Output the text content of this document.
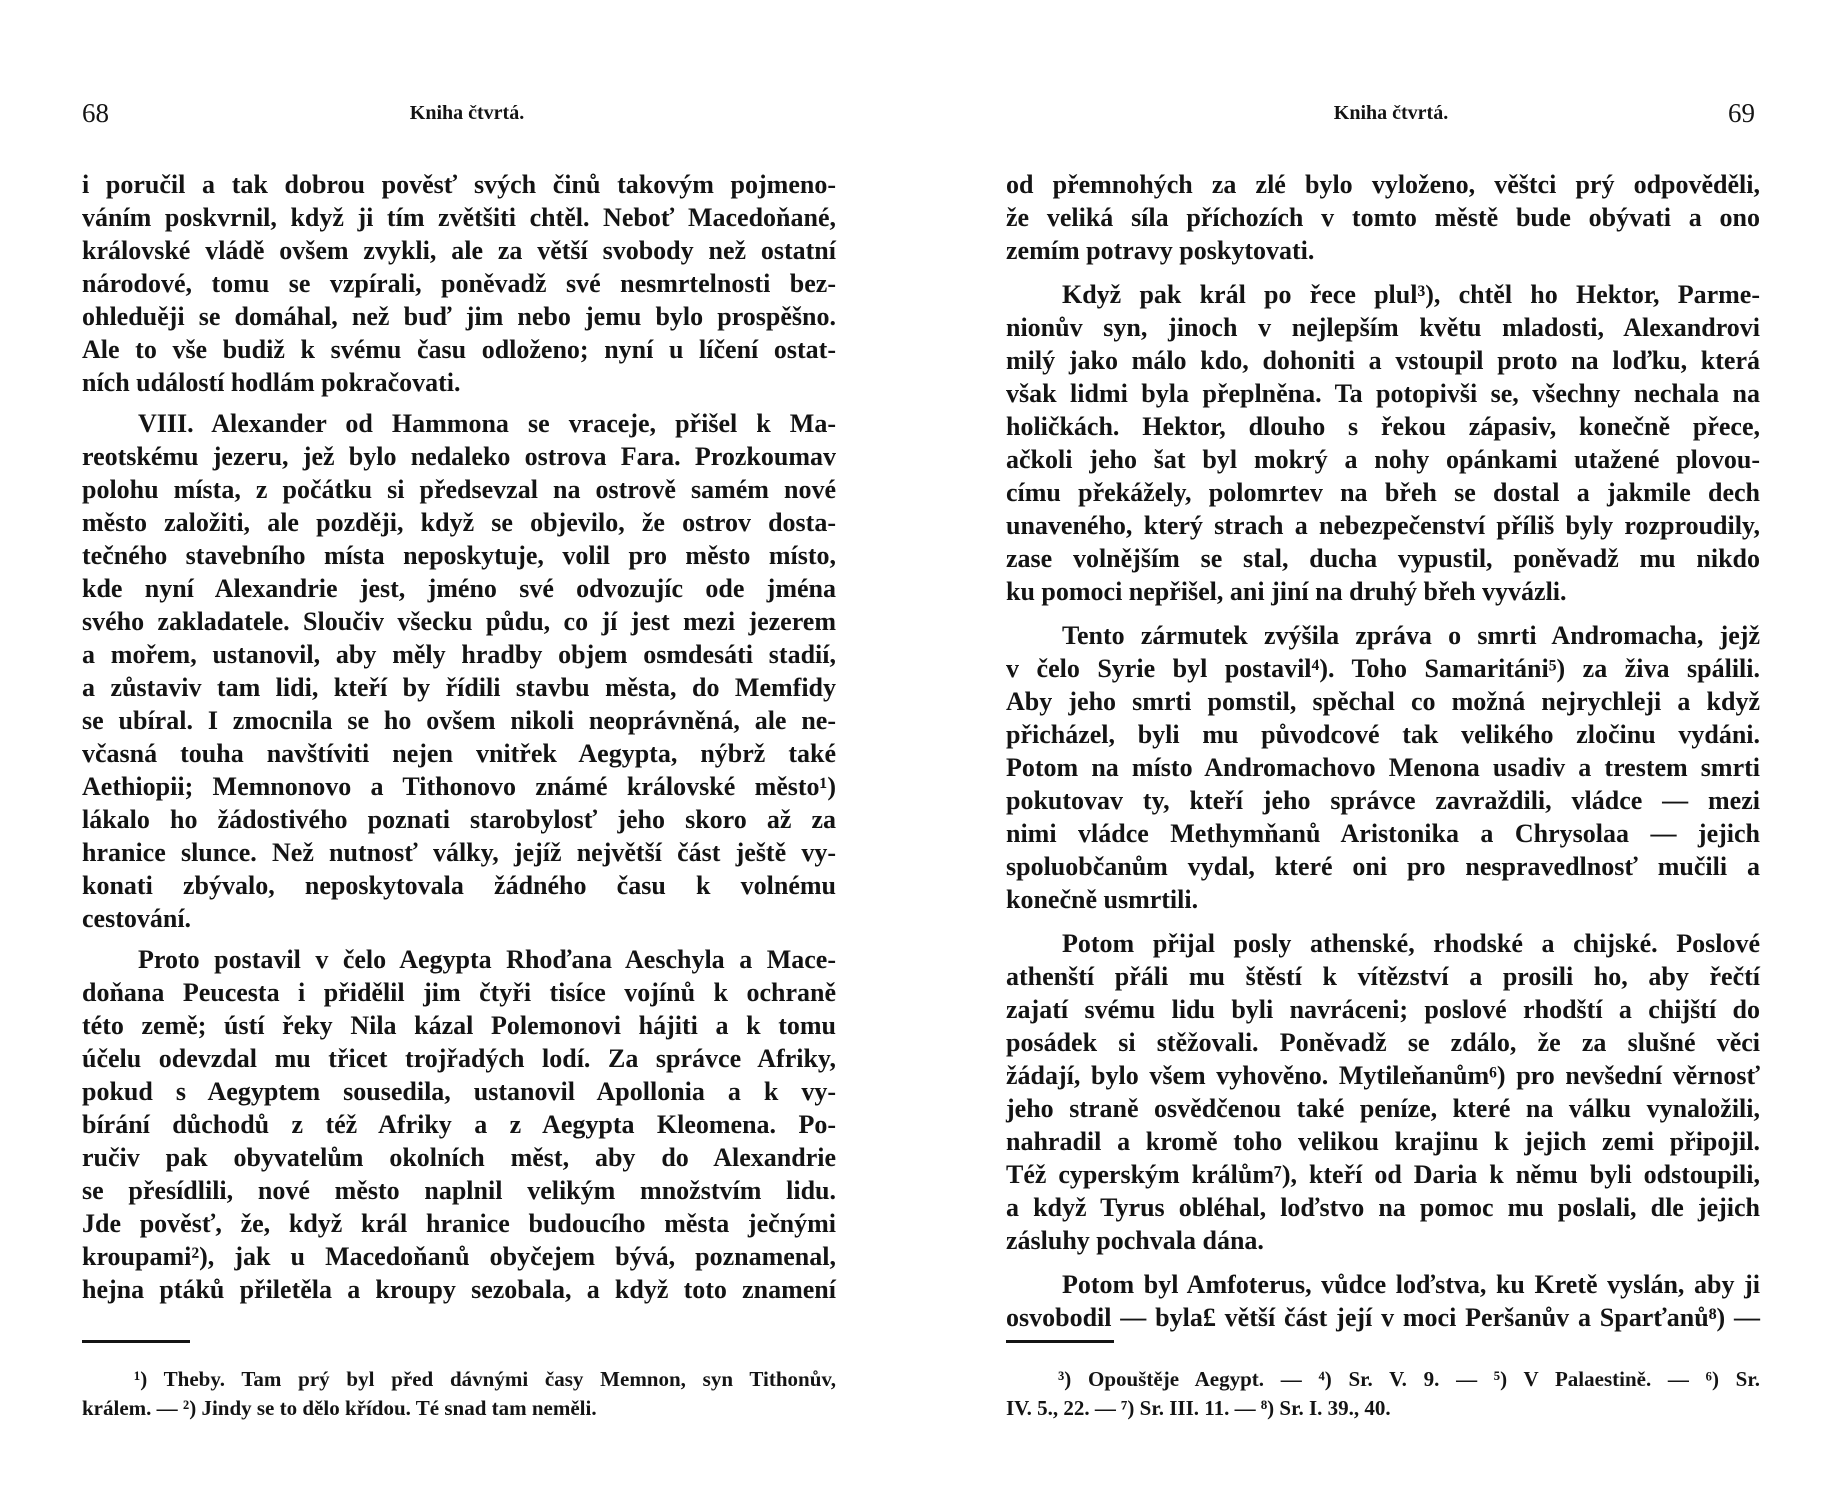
68	Kniha čtvrtá.	Kniha čtvrtá.	69
i poručil a tak dobrou pověsť svých činů takovým pojmeno-
váním poskvrnil, když ji tím zvětšiti chtěl. Neboť Macedoňané,
královské vládě ovšem zvykli, ale za větší svobody než ostatní
národové, tomu se vzpírali, poněvadž své nesmrtelnosti bez-
ohleduěji se domáhal, než buď jim nebo jemu bylo prospěšno.
Ale to vše budiž k svému času odloženo; nyní u líčení ostat-
ních událostí hodlám pokračovati.
VIII. Alexander od Hammona se vraceje, přišel k Ma-
reotskému jezeru, jež bylo nedaleko ostrova Fara. Prozkoumav
polohu místa, z počátku si předsevzal na ostrově samém nové
město založiti, ale později, když se objevilo, že ostrov dosta-
tečného stavebního místa neposkytuje, volil pro město místo,
kde nyní Alexandrie jest, jméno své odvozujíc ode jména
svého zakladatele. Sloučiv všecku půdu, co jí jest mezi jezerem
a mořem, ustanovil, aby měly hradby objem osmdesáti stadií,
a zůstaviv tam lidi, kteří by řídili stavbu města, do Memfidy
se ubíral. I zmocnila se ho ovšem nikoli neoprávněná, ale ne-
včasná touha navštíviti nejen vnitřek Aegypta, nýbrž také
Aethiopii; Memnonovo a Tithonovo známé královské město¹)
lákalo ho žádostivého poznati starobylosť jeho skoro až za
hranice slunce. Než nutnosť války, jejíž největší část ještě vy-
konati zbývalo, neposkytovala žádného času k volnému
cestování.
Proto postavil v čelo Aegypta Rhoďana Aeschyla a Mace-
doňana Peucesta i přidělil jim čtyři tisíce vojínů k ochraně
této země; ústí řeky Nila kázal Polemonovi hájiti a k tomu
účelu odevzdal mu třicet trojřadých lodí. Za správce Afriky,
pokud s Aegyptem sousedila, ustanovil Apollonia a k vy-
bírání důchodů z též Afriky a z Aegypta Kleomena. Po-
ručiv pak obyvatelům okolních měst, aby do Alexandrie
se přesídlili, nové město naplnil velikým množstvím lidu.
Jde pověsť, že, když král hranice budoucího města ječnými
kroupami²), jak u Macedoňanů obyčejem bývá, poznamenal,
hejna ptáků přiletěla a kroupy sezobala, a když toto znamení
od přemnohých za zlé bylo vyloženo, věštci prý odpověděli,
že veliká síla příchozích v tomto městě bude obývati a ono
zemím potravy poskytovati.
Když pak král po řece plul³), chtěl ho Hektor, Parme-
nionův syn, jinoch v nejlepším květu mladosti, Alexandrovi
milý jako málo kdo, dohoniti a vstoupil proto na loďku, která
však lidmi byla přeplněna. Ta potopivši se, všechny nechala na
holičkách. Hektor, dlouho s řekou zápasiv, konečně přece,
ačkoli jeho šat byl mokrý a nohy opánkami utažené plovou-
címu překážely, polomrtev na břeh se dostal a jakmile dech
unaveného, který strach a nebezpečenství příliš byly rozproudily,
zase volnějším se stal, ducha vypustil, poněvadž mu nikdo
ku pomoci nepřišel, ani jiní na druhý břeh vyvázli.
Tento zármutek zvýšila zpráva o smrti Andromacha, jejž
v čelo Syrie byl postavil⁴). Toho Samaritáni⁵) za živa spálili.
Aby jeho smrti pomstil, spěchal co možná nejrychleji a když
přicházel, byli mu původcové tak velikého zločinu vydáni.
Potom na místo Andromachovo Menona usadiv a trestem smrti
pokutovav ty, kteří jeho správce zavraždili, vládce — mezi
nimi vládce Methymňanů Aristonika a Chrysolaa — jejich
spoluobčanům vydal, které oni pro nespravedlnosť mučili a
konečně usmrtili.
Potom přijal posly athenské, rhodské a chijské. Poslové
athenští přáli mu štěstí k vítězství a prosili ho, aby řečtí
zajatí svému lidu byli navráceni; poslové rhodští a chijští do
posádek si stěžovali. Poněvadž se zdálo, že za slušné věci
žádají, bylo všem vyhověno. Mytileňanům⁶) pro nevšední věrnosť
jeho straně osvědčenou také peníze, které na válku vynaložili,
nahradil a kromě toho velikou krajinu k jejich zemi připojil.
Též cyperským králům⁷), kteří od Daria k němu byli odstoupili,
a když Tyrus obléhal, loďstvo na pomoc mu poslali, dle jejich
zásluhy pochvala dána.
Potom byl Amfoterus, vůdce loďstva, ku Kretě vyslán, aby ji
osvobodil — byla£ větší část její v moci Peršanův a Sparťanů⁸) —
¹) Theby. Tam prý byl před dávnými časy Memnon, syn Tithonův,
králem. — ²) Jindy se to dělo křídou. Té snad tam neměli.
³) Opouštěje Aegypt. — ⁴) Sr. V. 9. — ⁵) V Palaestině. — ⁶) Sr.
IV. 5., 22. — ⁷) Sr. III. 11. — ⁸) Sr. I. 39., 40.
